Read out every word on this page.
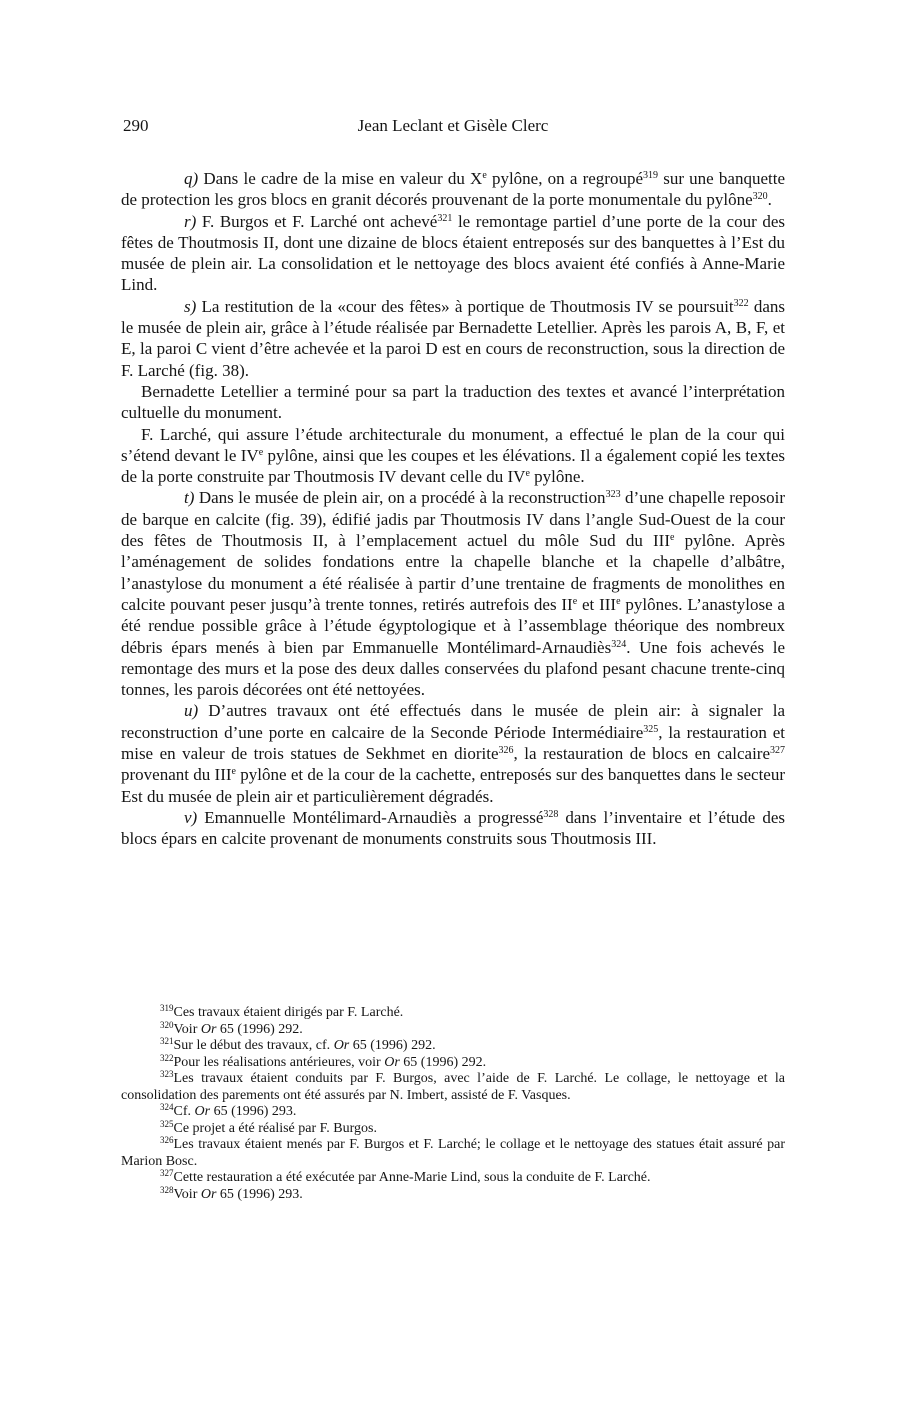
290	Jean Leclant et Gisèle Clerc

q) Dans le cadre de la mise en valeur du Xe pylône, on a regroupé$^{319}$ sur une banquette de protection les gros blocs en granit décorés prouvenant de la porte monumentale du pylône$^{320}$.

r) F. Burgos et F. Larché ont achevé$^{321}$ le remontage partiel d’une porte de la cour des fêtes de Thoutmosis II, dont une dizaine de blocs étaient entreposés sur des banquettes à l’Est du musée de plein air. La consolidation et le nettoyage des blocs avaient été confiés à Anne-Marie Lind.

s) La restitution de la «cour des fêtes» à portique de Thoutmosis IV se poursuit$^{322}$ dans le musée de plein air, grâce à l’étude réalisée par Bernadette Letellier. Après les parois A, B, F, et E, la paroi C vient d’être achevée et la paroi D est en cours de reconstruction, sous la direction de F. Larché (fig. 38).

Bernadette Letellier a terminé pour sa part la traduction des textes et avancé l’interprétation cultuelle du monument.

F. Larché, qui assure l’étude architecturale du monument, a effectué le plan de la cour qui s’étend devant le IVe pylône, ainsi que les coupes et les élévations. Il a également copié les textes de la porte construite par Thoutmosis IV devant celle du IVe pylône.

t) Dans le musée de plein air, on a procédé à la reconstruction$^{323}$ d’une chapelle reposoir de barque en calcite (fig. 39), édifié jadis par Thoutmosis IV dans l’angle Sud-Ouest de la cour des fêtes de Thoutmosis II, à l’emplacement actuel du môle Sud du IIIe pylône. Après l’aménagement de solides fondations entre la chapelle blanche et la chapelle d’albâtre, l’anastylose du monument a été réalisée à partir d’une trentaine de fragments de monolithes en calcite pouvant peser jusqu’à trente tonnes, retirés autrefois des IIe et IIIe pylônes. L’anastylose a été rendue possible grâce à l’étude égyptologique et à l’assemblage théorique des nombreux débris épars menés à bien par Emmanuelle Montélimard-Arnaudiès$^{324}$. Une fois achevés le remontage des murs et la pose des deux dalles conservées du plafond pesant chacune trente-cinq tonnes, les parois décorées ont été nettoyées.

u) D’autres travaux ont été effectués dans le musée de plein air: à signaler la reconstruction d’une porte en calcaire de la Seconde Période Intermédiaire$^{325}$, la restauration et mise en valeur de trois statues de Sekhmet en diorite$^{326}$, la restauration de blocs en calcaire$^{327}$ provenant du IIIe pylône et de la cour de la cachette, entreposés sur des banquettes dans le secteur Est du musée de plein air et particulièrement dégradés.

v) Emannuelle Montélimard-Arnaudiès a progressé$^{328}$ dans l’inventaire et l’étude des blocs épars en calcite provenant de monuments construits sous Thoutmosis III.

$^{319}$Ces travaux étaient dirigés par F. Larché.

$^{320}$Voir Or 65 (1996) 292.

$^{321}$Sur le début des travaux, cf. Or 65 (1996) 292.

$^{322}$Pour les réalisations antérieures, voir Or 65 (1996) 292.

$^{323}$Les travaux étaient conduits par F. Burgos, avec l’aide de F. Larché. Le collage, le nettoyage et la consolidation des parements ont été assurés par N. Imbert, assisté de F. Vasques.

$^{324}$Cf. Or 65 (1996) 293.

$^{325}$Ce projet a été réalisé par F. Burgos.

$^{326}$Les travaux étaient menés par F. Burgos et F. Larché; le collage et le nettoyage des statues était assuré par Marion Bosc.

$^{327}$Cette restauration a été exécutée par Anne-Marie Lind, sous la conduite de F. Larché.

$^{328}$Voir Or 65 (1996) 293.
